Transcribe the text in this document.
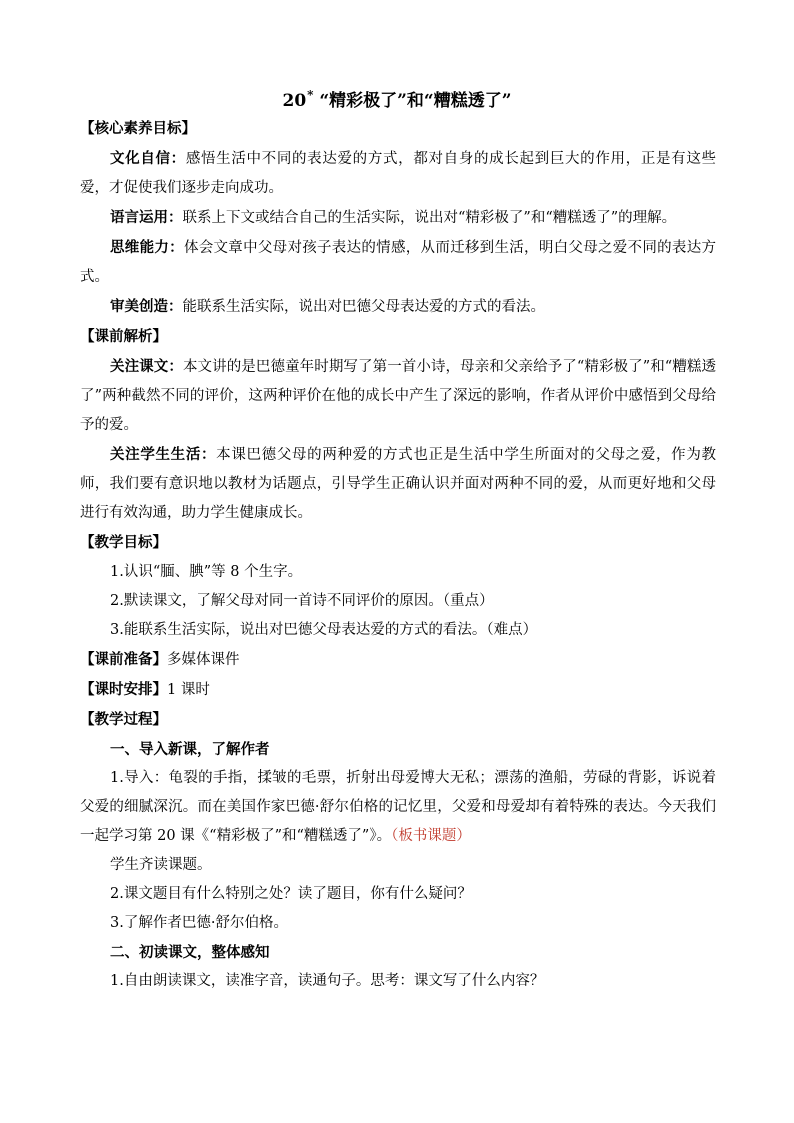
20* “精彩极了”和“糟糕透了”

【核心素养目标】

文化自信：感悟生活中不同的表达爱的方式，都对自身的成长起到巨大的作用，正是有这些爱，才促使我们逐步走向成功。

语言运用：联系上下文或结合自己的生活实际，说出对“精彩极了”和“糟糕透了”的理解。

思维能力：体会文章中父母对孩子表达的情感，从而迁移到生活，明白父母之爱不同的表达方式。

审美创造：能联系生活实际，说出对巴德父母表达爱的方式的看法。

【课前解析】

关注课文：本文讲的是巴德童年时期写了第一首小诗，母亲和父亲给予了“精彩极了”和“糟糕透了”两种截然不同的评价，这两种评价在他的成长中产生了深远的影响，作者从评价中感悟到父母给予的爱。

关注学生生活：本课巴德父母的两种爱的方式也正是生活中学生所面对的父母之爱，作为教师，我们要有意识地以教材为话题点，引导学生正确认识并面对两种不同的爱，从而更好地和父母进行有效沟通，助力学生健康成长。

【教学目标】

1.认识“腼、腆”等 8 个生字。

2.默读课文，了解父母对同一首诗不同评价的原因。（重点）

3.能联系生活实际，说出对巴德父母表达爱的方式的看法。（难点）

【课前准备】多媒体课件

【课时安排】1 课时

【教学过程】

一、导入新课，了解作者

1.导入：龟裂的手指，揉皱的毛票，折射出母爱博大无私；漂荡的渔船，劳碌的背影，诉说着父爱的细腻深沉。而在美国作家巴德·舒尔伯格的记忆里，父爱和母爱却有着特殊的表达。今天我们一起学习第 20 课《“精彩极了”和“糟糕透了”》。（板书课题）

学生齐读课题。

2.课文题目有什么特别之处？读了题目，你有什么疑问？

3.了解作者巴德·舒尔伯格。

二、初读课文，整体感知

1.自由朗读课文，读准字音，读通句子。思考：课文写了什么内容？
